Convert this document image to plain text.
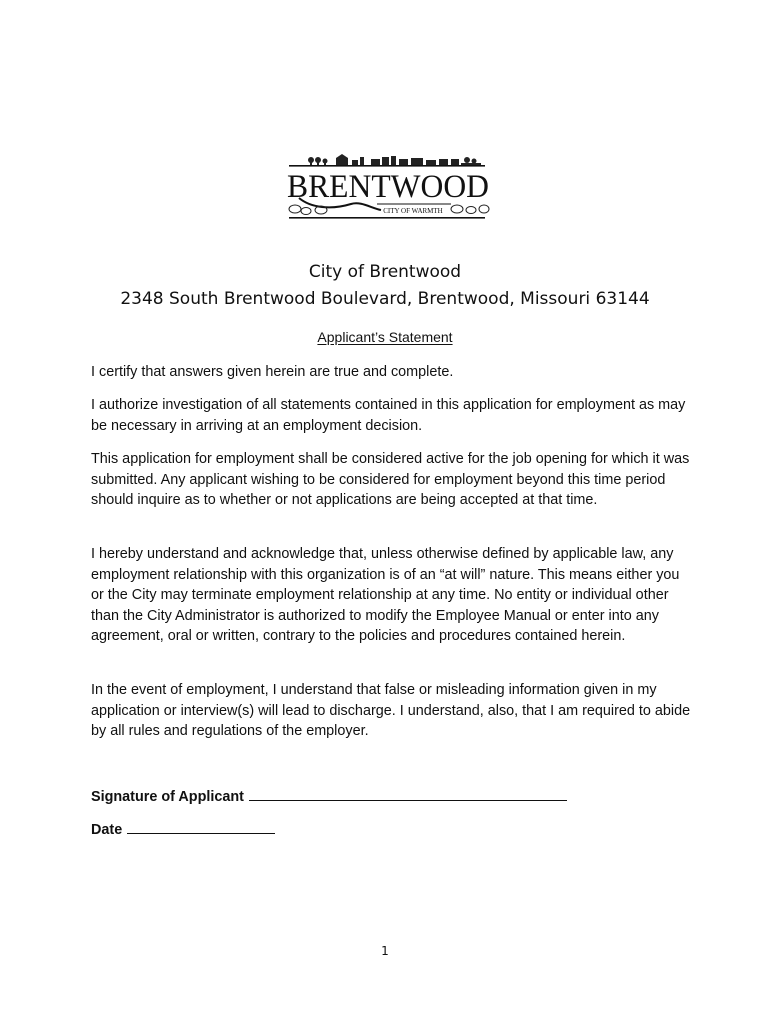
BRENTWOOD
CITY OF WARMTH
City of Brentwood
2348 South Brentwood Boulevard, Brentwood, Missouri 63144
Applicant’s Statement

I certify that answers given herein are true and complete.

I authorize investigation of all statements contained in this application for employment as may be necessary in arriving at an employment decision.

This application for employment shall be considered active for the job opening for which it was submitted. Any applicant wishing to be considered for employment beyond this time period should inquire as to whether or not applications are being accepted at that time.

I hereby understand and acknowledge that, unless otherwise defined by applicable law, any employment relationship with this organization is of an “at will” nature. This means either you or the City may terminate employment relationship at any time. No entity or individual other than the City Administrator is authorized to modify the Employee Manual or enter into any agreement, oral or written, contrary to the policies and procedures contained herein.

In the event of employment, I understand that false or misleading information given in my application or interview(s) will lead to discharge. I understand, also, that I am required to abide by all rules and regulations of the employer.

Signature of Applicant
Date
1
